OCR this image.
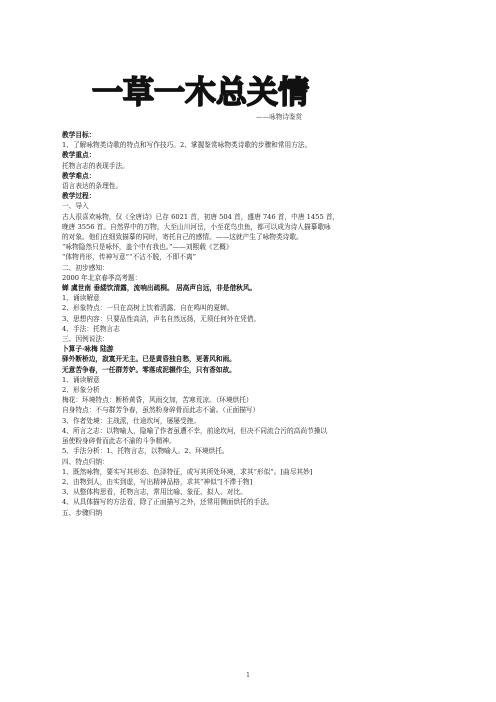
一草一木总关情
——咏物诗鉴赏
教学目标：
1、了解咏物类诗歌的特点和写作技巧。2、掌握鉴赏咏物类诗歌的步骤和常用方法。
教学重点：
托物言志的表现手法。
教学难点：
语言表达的条理性。
教学过程：
一、导入
古人很喜欢咏物，仅《全唐诗》已存 6021 首，初唐 504 首，盛唐 746 首，中唐 1455 首，
晚唐 3556 首。自然界中的万物，大至山川河岳，小至花鸟虫鱼，都可以成为诗人描摹歌咏
的对象。他们在细致描摹的同时，寄托自己的感情。——这就产生了咏物类诗歌。
“咏物隐然只是咏怀，盖个中有我也。”——刘熙载《艺概》
“体物肖形，传神写意”“不沾不脱，不即不离”
二、初步感知：
2000 年北京春季高考题：
蝉 虞世南 垂緌饮清露，流响出疏桐。 居高声自远，非是借秋风。
1、诵读解意
2、形象特点：一只在高树上饮着清露、自在鸣叫的夏蝉。
3、思想内容：只要品性高洁，声名自然远扬，无须任何外在凭借。
4、手法：托物言志
三、因例说法：
卜算子·咏梅 陆游
驿外断桥边，寂寞开无主。已是黄昏独自愁，更著风和雨。
无意苦争春，一任群芳妒。零落成泥辗作尘，只有香如故。
1、诵读解意
2、形象分析
梅花：环境特点：断桥黄昏，风雨交加，苦寒荒凉。（环境烘托）
自身特点：不与群芳争春，虽然粉身碎骨而此志不渝。（正面描写）
3、作者处境：主战派，仕途坎坷，屡屡受挫。
4、所言之志：以物喻人，隐喻了作者虽遭不幸，前途坎坷，但决不同流合污的高尚节操以
虽使粉身碎骨而此志不渝的斗争精神。
5、手法分析：1、托物言志，以物喻人。2、环境烘托。
四、特点归纳：
1、既然咏物，要实写其形态、色泽特征，或写其所处环境，求其“形似”。[曲尽其妙]
2、由物到人，由实到虚，写出精神品格，求其“神似”[不滞于物]
3、从整体构思看，托物言志，常用比喻、象征、拟人、对比。
4、从具体描写的方法看，除了正面描写之外，还常用侧面烘托的手法。
五、步骤归纳
1
